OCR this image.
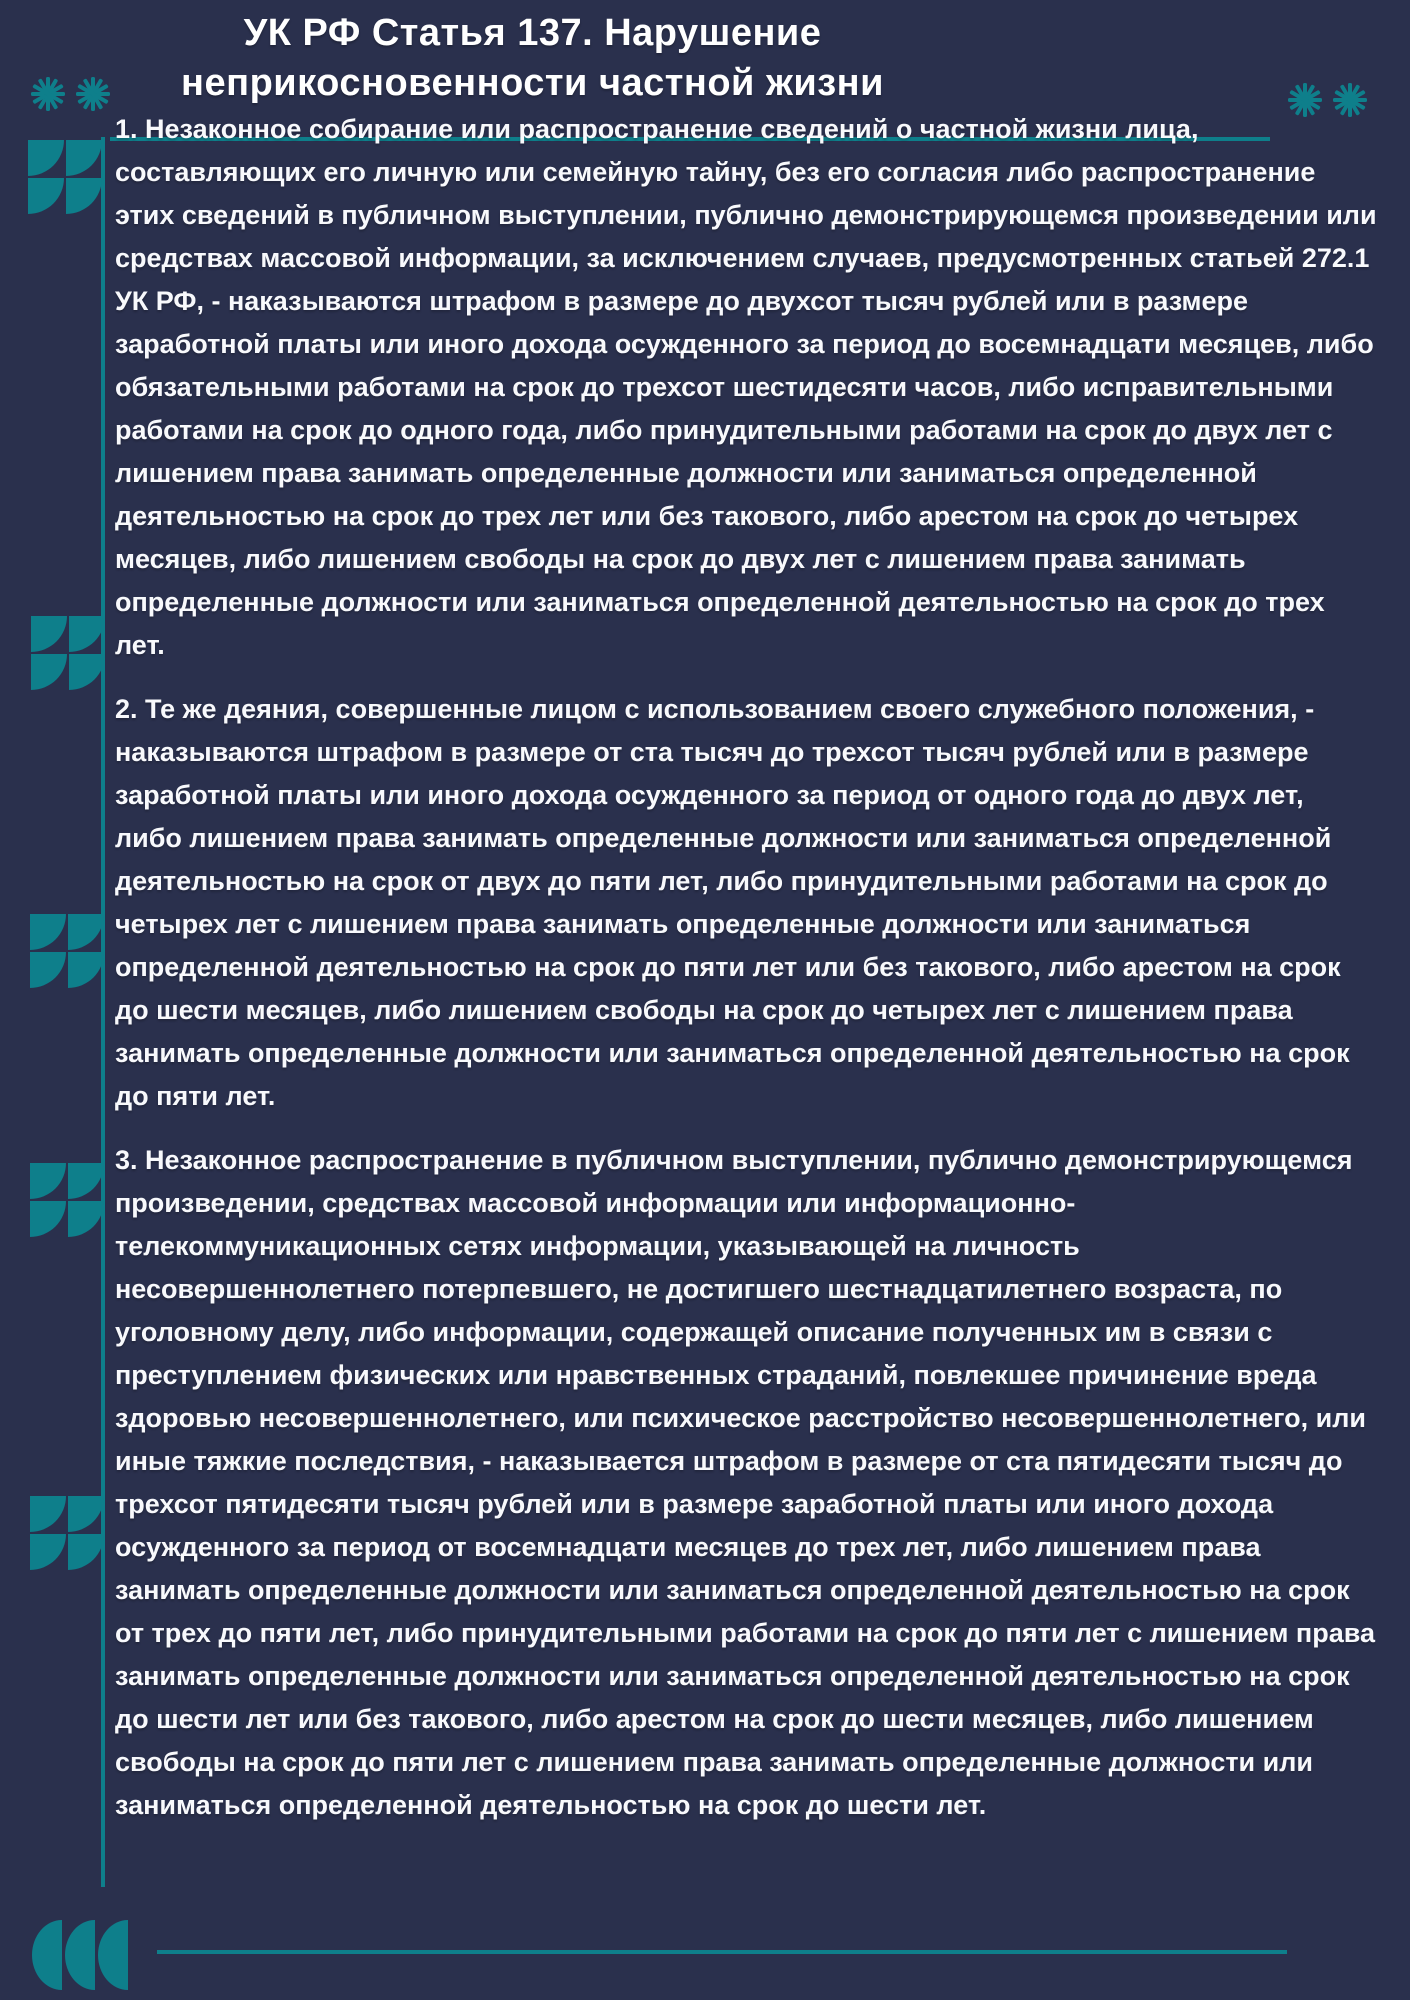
УК РФ Статья 137. Нарушение
неприкосновенности частной жизни

1. Незаконное собирание или распространение сведений о частной жизни лица, составляющих его личную или семейную тайну, без его согласия либо распространение этих сведений в публичном выступлении, публично демонстрирующемся произведении или средствах массовой информации, за исключением случаев, предусмотренных статьей 272.1 УК РФ, - наказываются штрафом в размере до двухсот тысяч рублей или в размере заработной платы или иного дохода осужденного за период до восемнадцати месяцев, либо обязательными работами на срок до трехсот шестидесяти часов, либо исправительными работами на срок до одного года, либо принудительными работами на срок до двух лет с лишением права занимать определенные должности или заниматься определенной деятельностью на срок до трех лет или без такового, либо арестом на срок до четырех месяцев, либо лишением свободы на срок до двух лет с лишением права занимать определенные должности или заниматься определенной деятельностью на срок до трех лет.

2. Те же деяния, совершенные лицом с использованием своего служебного положения, - наказываются штрафом в размере от ста тысяч до трехсот тысяч рублей или в размере заработной платы или иного дохода осужденного за период от одного года до двух лет, либо лишением права занимать определенные должности или заниматься определенной деятельностью на срок от двух до пяти лет, либо принудительными работами на срок до четырех лет с лишением права занимать определенные должности или заниматься определенной деятельностью на срок до пяти лет или без такового, либо арестом на срок до шести месяцев, либо лишением свободы на срок до четырех лет с лишением права занимать определенные должности или заниматься определенной деятельностью на срок до пяти лет.

3. Незаконное распространение в публичном выступлении, публично демонстрирующемся произведении, средствах массовой информации или информационно-телекоммуникационных сетях информации, указывающей на личность несовершеннолетнего потерпевшего, не достигшего шестнадцатилетнего возраста, по уголовному делу, либо информации, содержащей описание полученных им в связи с преступлением физических или нравственных страданий, повлекшее причинение вреда здоровью несовершеннолетнего, или психическое расстройство несовершеннолетнего, или иные тяжкие последствия, - наказывается штрафом в размере от ста пятидесяти тысяч до трехсот пятидесяти тысяч рублей или в размере заработной платы или иного дохода осужденного за период от восемнадцати месяцев до трех лет, либо лишением права занимать определенные должности или заниматься определенной деятельностью на срок от трех до пяти лет, либо принудительными работами на срок до пяти лет с лишением права занимать определенные должности или заниматься определенной деятельностью на срок до шести лет или без такового, либо арестом на срок до шести месяцев, либо лишением свободы на срок до пяти лет с лишением права занимать определенные должности или заниматься определенной деятельностью на срок до шести лет.
